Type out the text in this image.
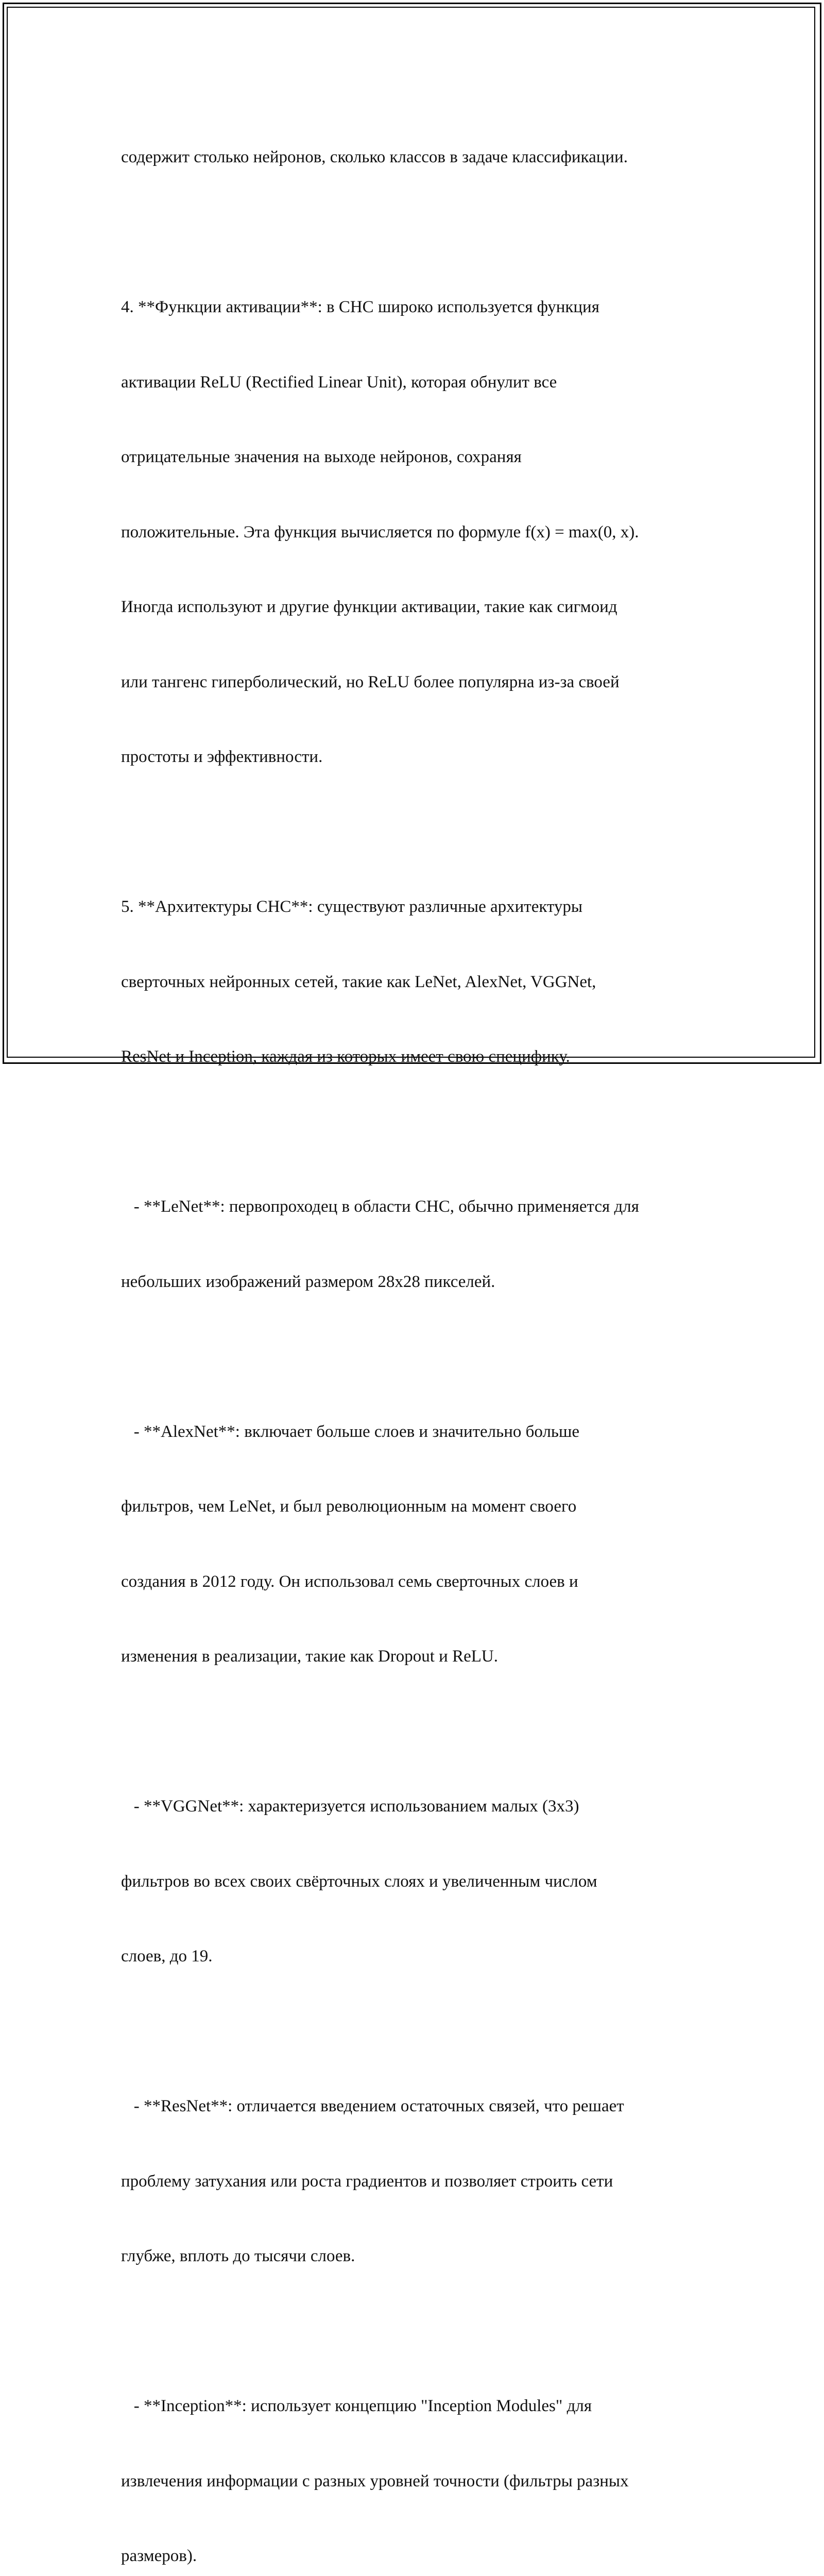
содержит столько нейронов, сколько классов в задаче классификации.

4. **Функции активации**: в СНС широко используется функция

активации ReLU (Rectified Linear Unit), которая обнулит все

отрицательные значения на выходе нейронов, сохраняя

положительные. Эта функция вычисляется по формуле f(x) = max(0, x).

Иногда используют и другие функции активации, такие как сигмоид

или тангенс гиперболический, но ReLU более популярна из-за своей

простоты и эффективности.

5. **Архитектуры СНС**: существуют различные архитектуры

сверточных нейронных сетей, такие как LeNet, AlexNet, VGGNet,

ResNet и Inception, каждая из которых имеет свою специфику.

- **LeNet**: первопроходец в области СНС, обычно применяется для

небольших изображений размером 28x28 пикселей.

- **AlexNet**: включает больше слоев и значительно больше

фильтров, чем LeNet, и был революционным на момент своего

создания в 2012 году. Он использовал семь сверточных слоев и

изменения в реализации, такие как Dropout и ReLU.

- **VGGNet**: характеризуется использованием малых (3x3)

фильтров во всех своих свёрточных слоях и увеличенным числом

слоев, до 19.

- **ResNet**: отличается введением остаточных связей, что решает

проблему затухания или роста градиентов и позволяет строить сети

глубже, вплоть до тысячи слоев.

- **Inception**: использует концепцию "Inception Modules" для

извлечения информации с разных уровней точности (фильтры разных

размеров).
